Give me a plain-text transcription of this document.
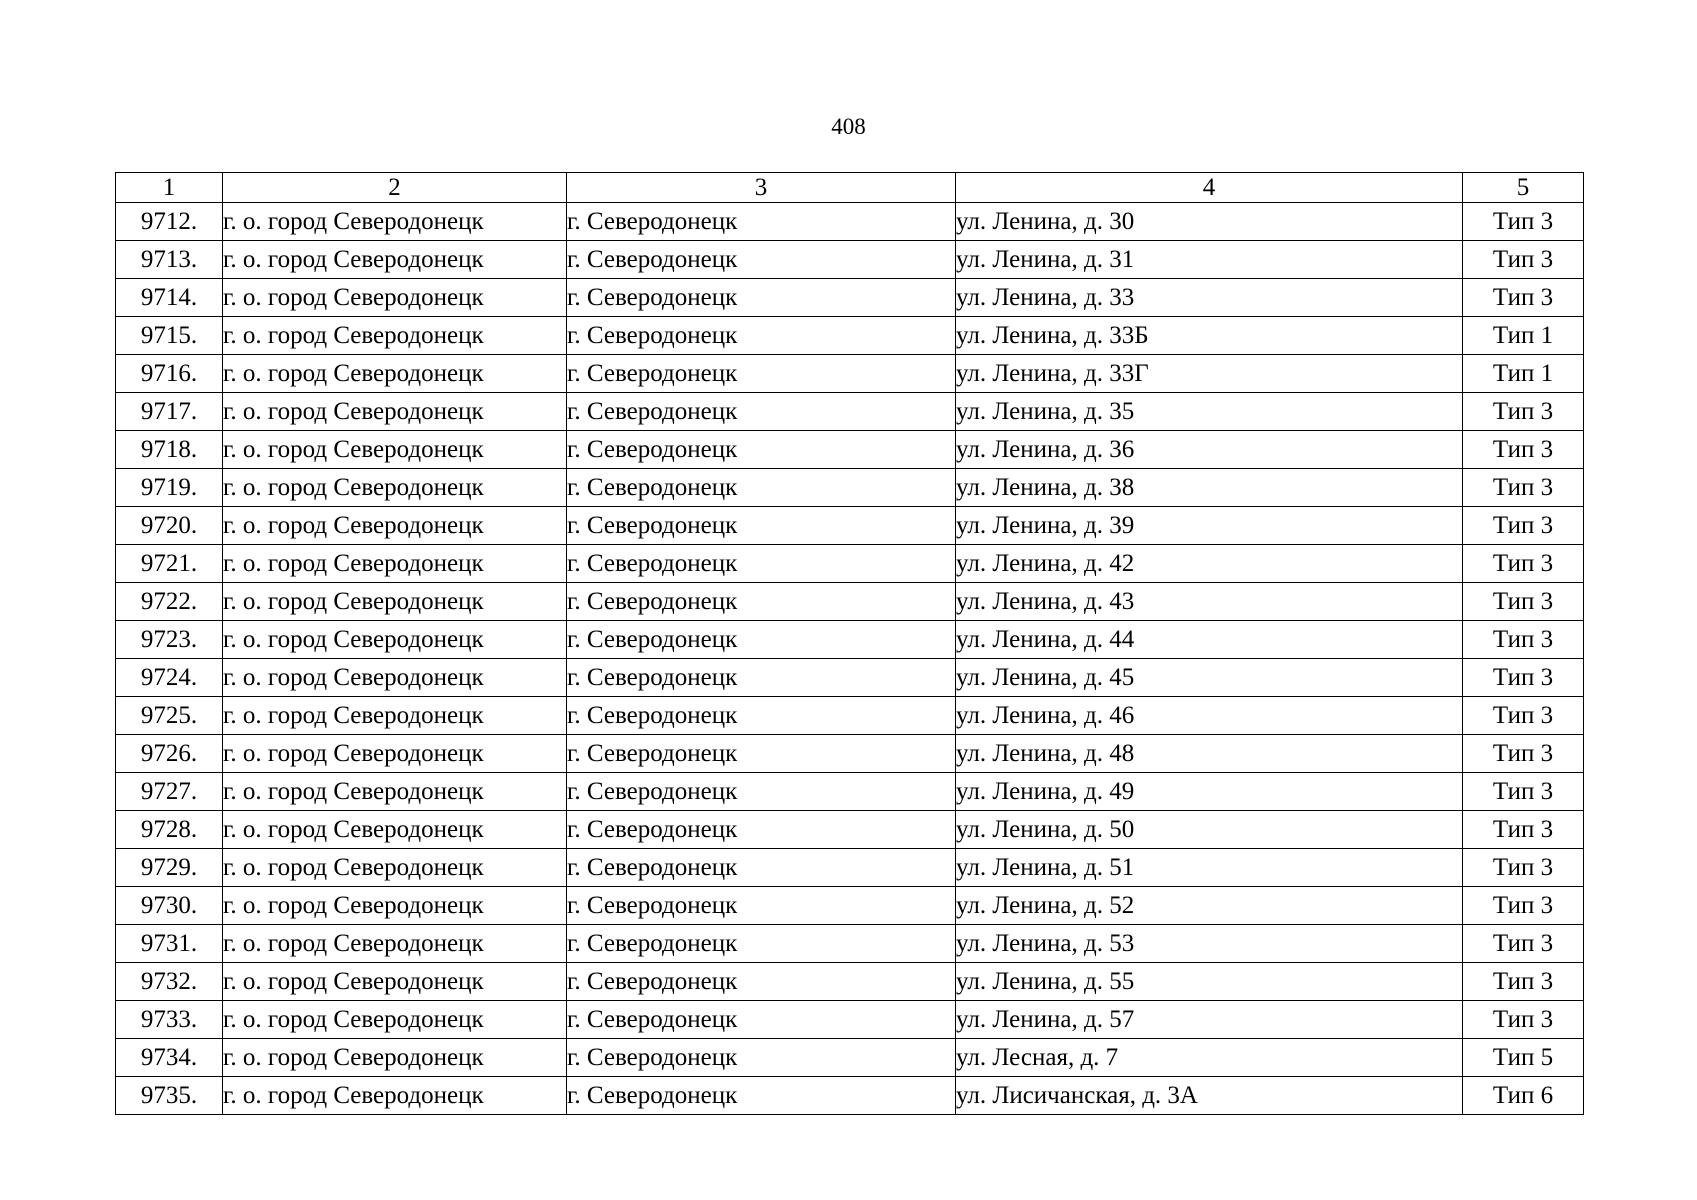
408
1	2	3	4	5
9712.	г. о. город Северодонецк	г. Северодонецк	ул. Ленина, д. 30	Тип 3
9713.	г. о. город Северодонецк	г. Северодонецк	ул. Ленина, д. 31	Тип 3
9714.	г. о. город Северодонецк	г. Северодонецк	ул. Ленина, д. 33	Тип 3
9715.	г. о. город Северодонецк	г. Северодонецк	ул. Ленина, д. 33Б	Тип 1
9716.	г. о. город Северодонецк	г. Северодонецк	ул. Ленина, д. 33Г	Тип 1
9717.	г. о. город Северодонецк	г. Северодонецк	ул. Ленина, д. 35	Тип 3
9718.	г. о. город Северодонецк	г. Северодонецк	ул. Ленина, д. 36	Тип 3
9719.	г. о. город Северодонецк	г. Северодонецк	ул. Ленина, д. 38	Тип 3
9720.	г. о. город Северодонецк	г. Северодонецк	ул. Ленина, д. 39	Тип 3
9721.	г. о. город Северодонецк	г. Северодонецк	ул. Ленина, д. 42	Тип 3
9722.	г. о. город Северодонецк	г. Северодонецк	ул. Ленина, д. 43	Тип 3
9723.	г. о. город Северодонецк	г. Северодонецк	ул. Ленина, д. 44	Тип 3
9724.	г. о. город Северодонецк	г. Северодонецк	ул. Ленина, д. 45	Тип 3
9725.	г. о. город Северодонецк	г. Северодонецк	ул. Ленина, д. 46	Тип 3
9726.	г. о. город Северодонецк	г. Северодонецк	ул. Ленина, д. 48	Тип 3
9727.	г. о. город Северодонецк	г. Северодонецк	ул. Ленина, д. 49	Тип 3
9728.	г. о. город Северодонецк	г. Северодонецк	ул. Ленина, д. 50	Тип 3
9729.	г. о. город Северодонецк	г. Северодонецк	ул. Ленина, д. 51	Тип 3
9730.	г. о. город Северодонецк	г. Северодонецк	ул. Ленина, д. 52	Тип 3
9731.	г. о. город Северодонецк	г. Северодонецк	ул. Ленина, д. 53	Тип 3
9732.	г. о. город Северодонецк	г. Северодонецк	ул. Ленина, д. 55	Тип 3
9733.	г. о. город Северодонецк	г. Северодонецк	ул. Ленина, д. 57	Тип 3
9734.	г. о. город Северодонецк	г. Северодонецк	ул. Лесная, д. 7	Тип 5
9735.	г. о. город Северодонецк	г. Северодонецк	ул. Лисичанская, д. 3А	Тип 6
